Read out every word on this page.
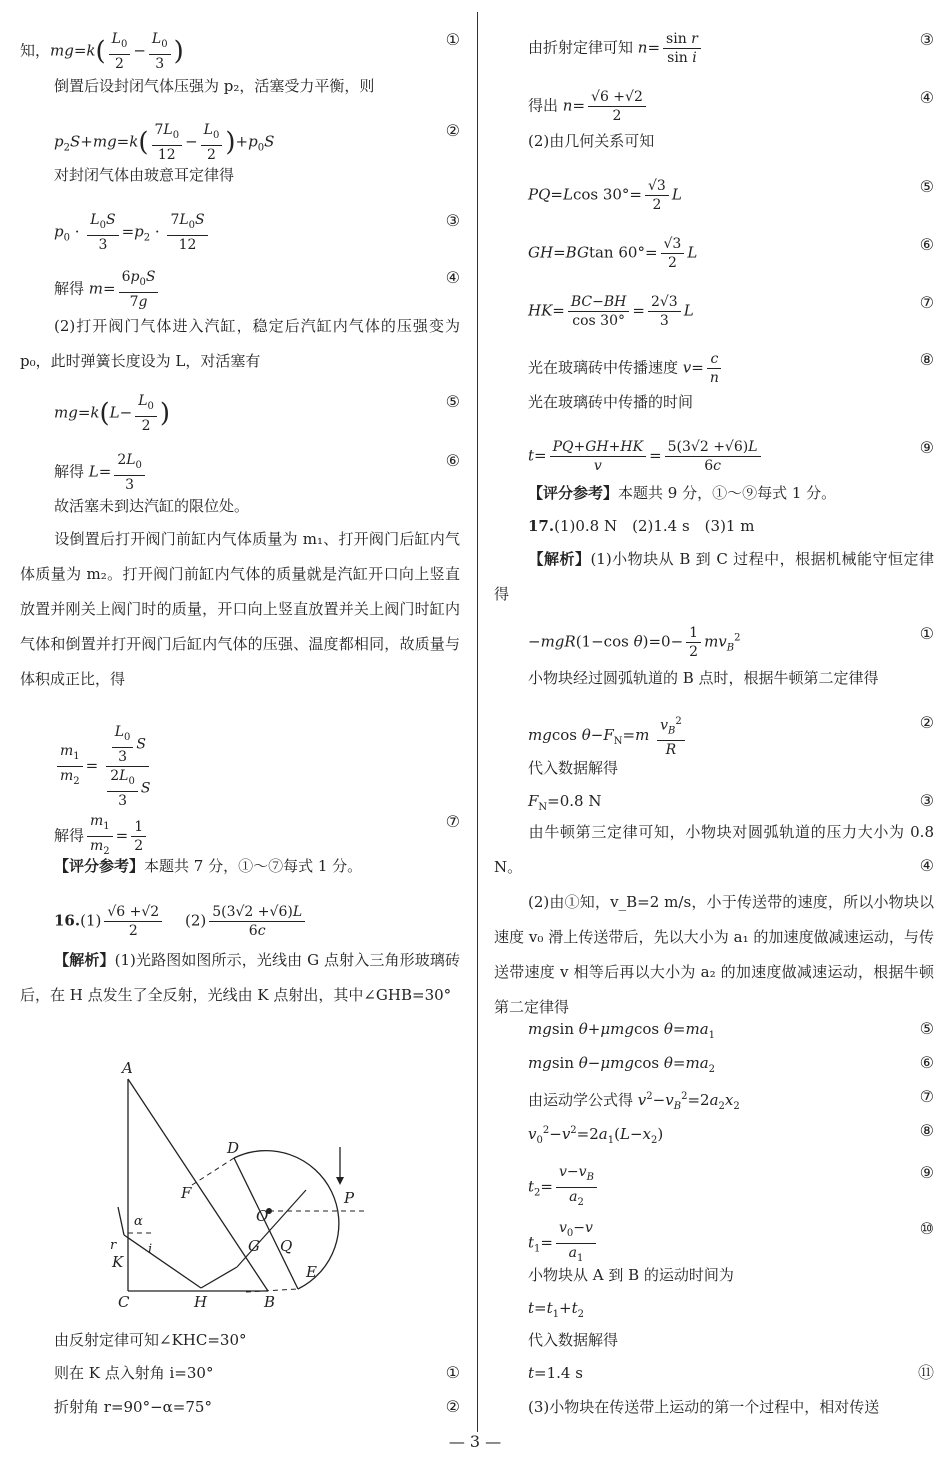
知，$mg=k( \frac{L_0}{2} - \frac{L_0}{3}$ )	①
倒置后设封闭气体压强为 p₂，活塞受力平衡，则
$p_2S+mg=k( \frac{7L_0}{12} - \frac{L_0}{2} )+p_0S$
②
对封闭气体由玻意耳定律得
$p_0 \cdot \frac{L_0S}{3} =p_2 \cdot \frac{7L_0S}{12}$	③
解得 $m= \frac{6p_0S}{7g}$	④
(2)打开阀门气体进入汽缸，稳定后汽缸内气体的压强变为 p₀，此时弹簧长度设为 L，对活塞有
$mg=k(L- \frac{L_0}{2}$ )	⑤
解得 $L= \frac{2L_0}{3}$	⑥
故活塞未到达汽缸的限位处。
设倒置后打开阀门前缸内气体质量为 m₁、打开阀门后缸内气体质量为 m₂。打开阀门前缸内气体的质量就是汽缸开口向上竖直放置并刚关上阀门时的质量，开口向上竖直放置并关上阀门时缸内气体和倒置并打开阀门后缸内气体的压强、温度都相同，故质量与体积成正比，得
$\frac{m_1}{m_2} = \frac{\frac{L_0}{3} S}{\frac{2L_0}{3} S}$
解得 $\frac{m_1}{m_2} = \frac{1}{2}$	⑦
【评分参考】本题共 7 分，①～⑦每式 1 分。
$16.(1) \frac{√6 +√2}{2}$ 　 $(2) \frac{5(3√2 +√6)L}{6c}$
【解析】(1)光路图如图所示，光线由 G 点射入三角形玻璃砖后，在 H 点发生了全反射，光线由 K 点射出，其中∠GHB=30°
A
D
F
O
P
G Q
E
C	H	B
K
r
α
i
由反射定律可知∠KHC=30°
则在 K 点入射角 i=30°	①
折射角 r=90°−α=75°	②
由折射定律可知 $n= \frac{\text{sin r}}{\text{sin i}}$	③
得出 $n= \frac{√6 +√2}{2}$	④
(2)由几何关系可知
PQ=Lcos $30^\circ= \frac{√3}{2}$ L	⑤
GH=BGtan $60^\circ= \frac{√3}{2}$ L	⑥
$HK= \frac{BC-BH}{\cos 30^\circ} = \frac{2√3}{3}$ L	⑦
光在玻璃砖中传播速度 $v= \frac{c}{n}$	⑧
光在玻璃砖中传播的时间
$t= \frac{PQ+GH+HK}{v} = \frac{5(3√2 +√6)L}{6c}$	⑨
【评分参考】本题共 9 分，①～⑨每式 1 分。
17.(1)0.8 N　(2)1.4 s　(3)1 m
【解析】(1)小物块从 B 到 C 过程中，根据机械能守恒定律得
−mgR(1−cos $\theta)=0- \frac{1}{2} mv_B^2$	①
小物块经过圆弧轨道的 B 点时，根据牛顿第二定律得
mgcos $\theta-F_N=m \frac{v_B^2}{R}$	②
代入数据解得
$F_N=0.8$ N	③
由牛顿第三定律可知，小物块对圆弧轨道的压力大小为 0.8 N。	④
(2)由①知，v_B=2 m/s，小于传送带的速度，所以小物块以速度 v₀ 滑上传送带后，先以大小为 a₁ 的加速度做减速运动，与传送带速度 v 相等后再以大小为 a₂ 的加速度做减速运动，根据牛顿第二定律得
mgsin θ+μmgcos $\theta=ma_1$	⑤
mgsin θ−μmgcos $\theta=ma_2$	⑥
由运动学公式得 $v^2-v_B^2=2a_2x_2$
⑦
$v_0^2-v^2=2a_1(L-x_2)$	⑧
$t_2= \frac{v-v_B}{a_2}$	⑨
$t_1= \frac{v_0-v}{a_1}$	⑩
小物块从 A 到 B 的运动时间为
$t=t_1+t_2$
代入数据解得
t=1.4 s	⑪
(3)小物块在传送带上运动的第一个过程中，相对传送
— 3 —
